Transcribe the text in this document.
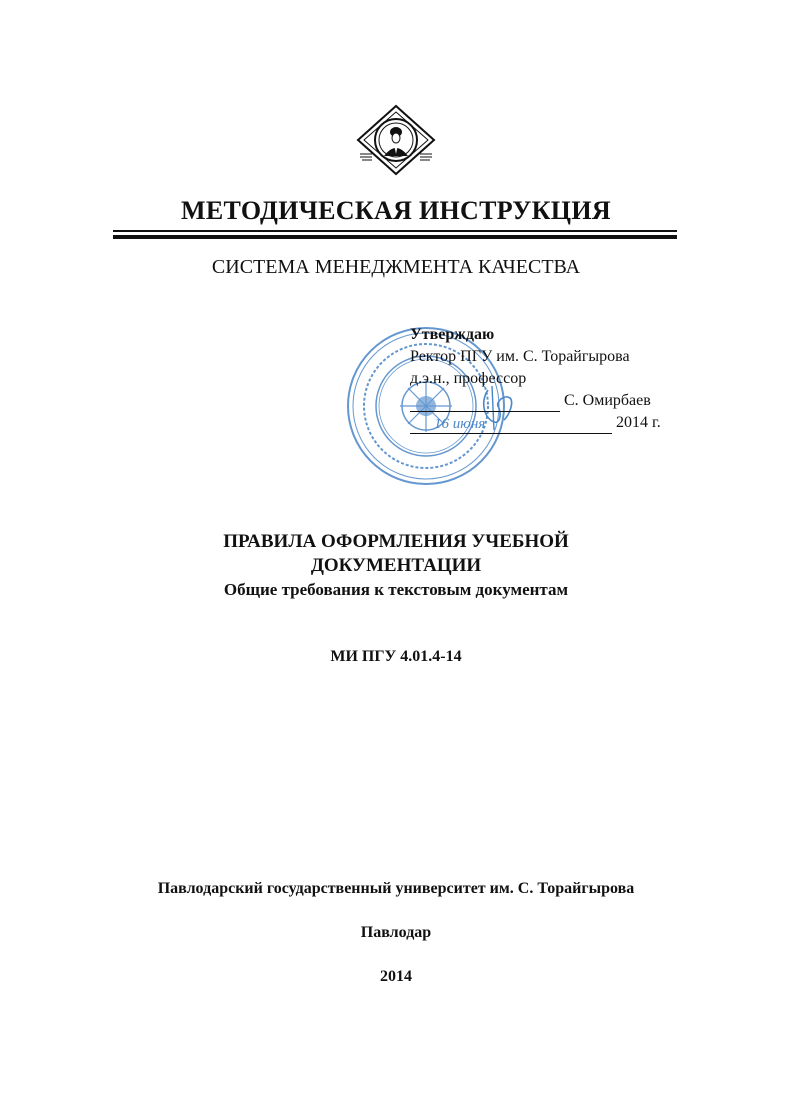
МЕТОДИЧЕСКАЯ ИНСТРУКЦИЯ
СИСТЕМА МЕНЕДЖМЕНТА КАЧЕСТВА
Утверждаю
Ректор ПГУ им. С. Торайгырова
д.э.н., профессор
С. Омирбаев
16 июня	2014 г.
ПРАВИЛА ОФОРМЛЕНИЯ УЧЕБНОЙ
ДОКУМЕНТАЦИИ
Общие требования к текстовым документам
МИ ПГУ 4.01.4-14
Павлодарский государственный университет им. С. Торайгырова
Павлодар
2014
